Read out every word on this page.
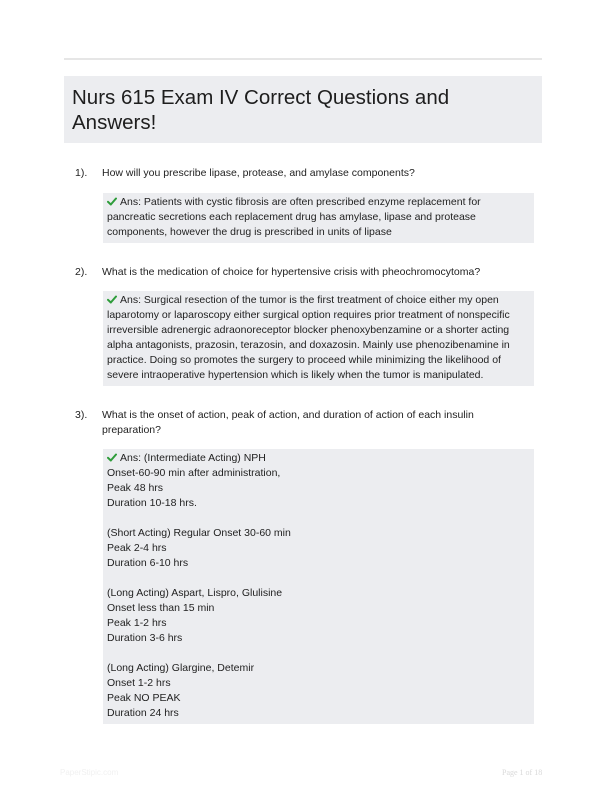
Nurs 615 Exam IV Correct Questions and Answers!
1). How will you prescribe lipase, protease, and amylase components?
Ans: Patients with cystic fibrosis are often prescribed enzyme replacement for
pancreatic secretions each replacement drug has amylase, lipase and protease
components, however the drug is prescribed in units of lipase
2). What is the medication of choice for hypertensive crisis with pheochromocytoma?
Ans: Surgical resection of the tumor is the first treatment of choice either my open
laparotomy or laparoscopy either surgical option requires prior treatment of nonspecific
irreversible adrenergic adraonoreceptor blocker phenoxybenzamine or a shorter acting
alpha antagonists, prazosin, terazosin, and doxazosin. Mainly use phenozibenamine in
practice. Doing so promotes the surgery to proceed while minimizing the likelihood of
severe intraoperative hypertension which is likely when the tumor is manipulated.
3). What is the onset of action, peak of action, and duration of action of each insulin
preparation?
Ans: (Intermediate Acting) NPH
Onset-60-90 min after administration,
Peak 48 hrs
Duration 10-18 hrs.
(Short Acting) Regular Onset 30-60 min
Peak 2-4 hrs
Duration 6-10 hrs
(Long Acting) Aspart, Lispro, Glulisine
Onset less than 15 min
Peak 1-2 hrs
Duration 3-6 hrs
(Long Acting) Glargine, Detemir
Onset 1-2 hrs
Peak NO PEAK
Duration 24 hrs
PaperStipic.com	Page 1 of 18
